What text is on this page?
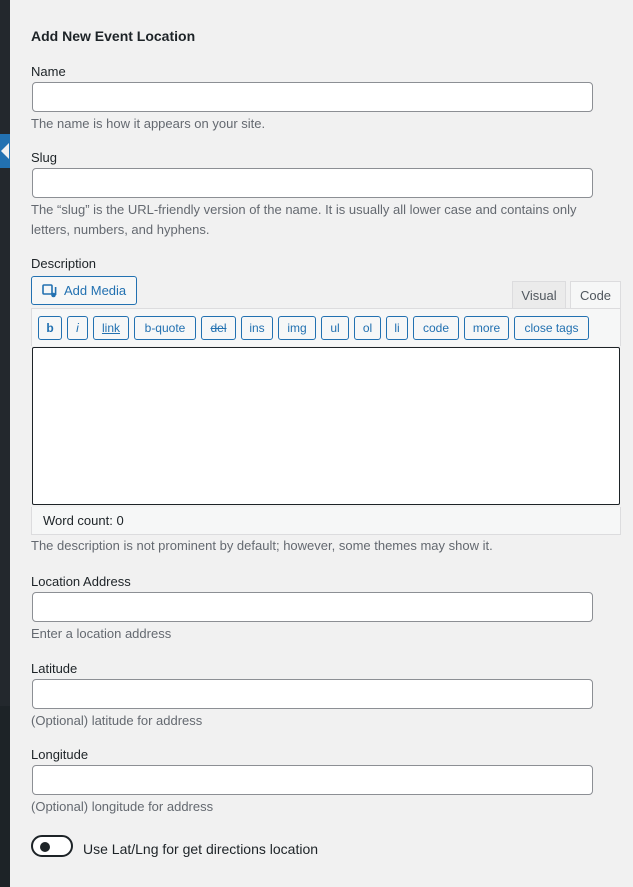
Add New Event Location
Name
The name is how it appears on your site.
Slug
The “slug” is the URL-friendly version of the name. It is usually all lower case and contains only letters, numbers, and hyphens.
Description
Add Media	Visual	Code
b	i	link	b-quote	del	ins	img	ul	ol	li	code	more	close tags
Word count: 0
The description is not prominent by default; however, some themes may show it.
Location Address
Enter a location address
Latitude
(Optional) latitude for address
Longitude
(Optional) longitude for address
Use Lat/Lng for get directions location
